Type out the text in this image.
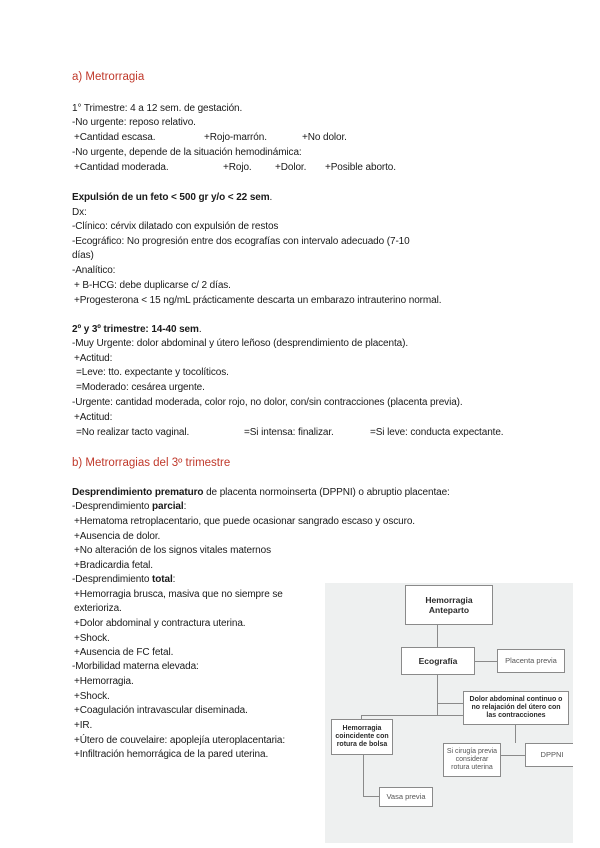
a) Metrorragia
1° Trimestre: 4 a 12 sem. de gestación.
-No urgente: reposo relativo.
+Cantidad escasa.	+Rojo-marrón.	+No dolor.
-No urgente, depende de la situación hemodinámica:
+Cantidad moderada.	+Rojo. +Dolor. +Posible aborto.
Expulsión de un feto < 500 gr y/o < 22 sem.
Dx:
-Clínico: cérvix dilatado con expulsión de restos
-Ecográfico: No progresión entre dos ecografías con intervalo adecuado (7-10
días)
-Analítico:
+ B-HCG: debe duplicarse c/ 2 días.
+Progesterona < 15 ng/mL prácticamente descarta un embarazo intrauterino normal.
2º y 3º trimestre: 14-40 sem.
-Muy Urgente: dolor abdominal y útero leñoso (desprendimiento de placenta).
+Actitud:
=Leve: tto. expectante y tocolíticos.
=Moderado: cesárea urgente.
-Urgente: cantidad moderada, color rojo, no dolor, con/sin contracciones (placenta previa).
+Actitud:
=No realizar tacto vaginal.	=Si intensa: finalizar.	=Si leve: conducta expectante.
b) Metrorragias del 3º trimestre
Desprendimiento prematuro de placenta normoinserta (DPPNI) o abruptio placentae:
-Desprendimiento parcial:
+Hematoma retroplacentario, que puede ocasionar sangrado escaso y oscuro.
+Ausencia de dolor.
+No alteración de los signos vitales maternos
+Bradicardia fetal.
-Desprendimiento total:
+Hemorragia brusca, masiva que no siempre se
exterioriza.
+Dolor abdominal y contractura uterina.
+Shock.
+Ausencia de FC fetal.
-Morbilidad materna elevada:
+Hemorragia.
+Shock.
+Coagulación intravascular diseminada.
+IR.
+Útero de couvelaire: apoplejía uteroplacentaria:
+Infiltración hemorrágica de la pared uterina.
Hemorragia Anteparto
Ecografía	Placenta previa
Dolor abdominal continuo o no relajación del útero con las contracciones
Hemorragia coincidente con rotura de bolsa
Si cirugía previa considerar rotura uterina
DPPNI
Vasa previa
